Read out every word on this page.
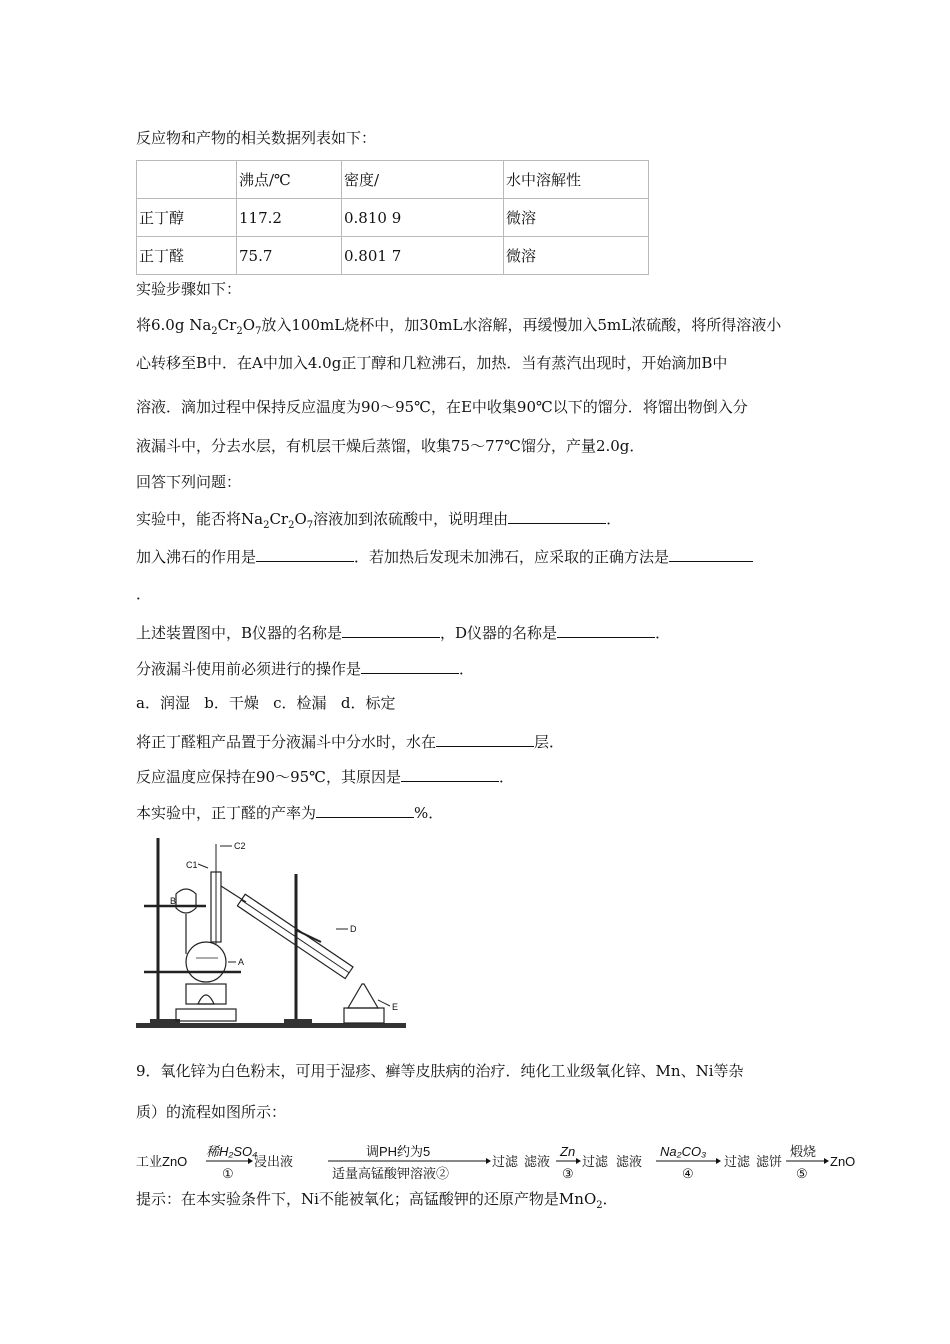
反应物和产物的相关数据列表如下：
	沸点/℃	密度/	水中溶解性
正丁醇	117.2	0.810 9	微溶
正丁醛	75.7	0.801 7	微溶
实验步骤如下：
将6.0g $Na_2Cr_2O_7$放入100mL烧杯中，加30mL水溶解，再缓慢加入5mL浓硫酸，将所得溶液小
心转移至B中．在A中加入4.0g正丁醇和几粒沸石，加热．当有蒸汽出现时，开始滴加B中
溶液．滴加过程中保持反应温度为90～95℃，在E中收集90℃以下的馏分．将馏出物倒入分
液漏斗中，分去水层，有机层干燥后蒸馏，收集75～77℃馏分，产量2.0g．
回答下列问题：
实验中，能否将$Na_2Cr_2O_7$溶液加到浓硫酸中，说明理由	．
加入沸石的作用是	．若加热后发现未加沸石，应采取的正确方法是
．
上述装置图中，B仪器的名称是	，D仪器的名称是	．
分液漏斗使用前必须进行的操作是	．
a．润湿   b．干燥   c．检漏   d．标定
将正丁醛粗产品置于分液漏斗中分水时，水在	层．
反应温度应保持在90～95℃，其原因是	．
本实验中，正丁醛的产率为	%．
C1
C2
B
A
D
E
9．氧化锌为白色粉末，可用于湿疹、癣等皮肤病的治疗．纯化工业级氧化锌、Mn、Ni等杂
质）的流程如图所示：
工业ZnO
稀H₂SO₄
①
浸出液
调PH约为5
适量高锰酸钾溶液②
过滤 滤液
Zn
③
过滤 滤液
Na₂CO₃
④
过滤 滤饼
煅烧
⑤
ZnO
提示：在本实验条件下，Ni不能被氧化；高锰酸钾的还原产物是MnO$_2$．
